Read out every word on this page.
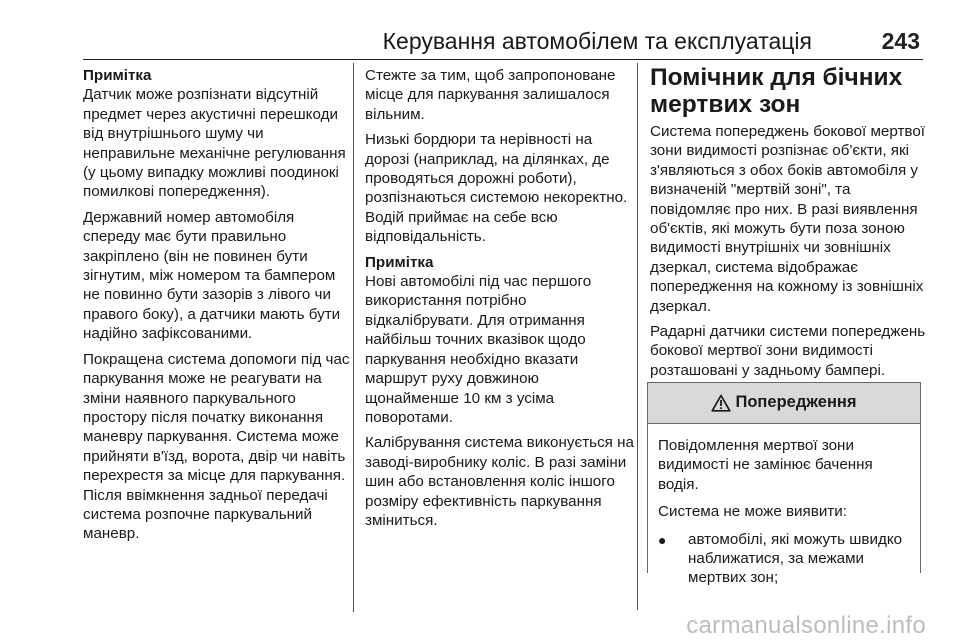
Керування автомобілем та експлуатація	243

Примітка
Датчик може розпізнати відсутній предмет через акустичні перешкоди від внутрішнього шуму чи неправильне механічне регулювання (у цьому випадку можливі поодинокі помилкові попередження).

Державний номер автомобіля спереду має бути правильно закріплено (він не повинен бути зігнутим, між номером та бампером не повинно бути зазорів з лівого чи правого боку), а датчики мають бути надійно зафіксованими.

Покращена система допомоги під час паркування може не реагувати на зміни наявного паркувального простору після початку виконання маневру паркування. Система може прийняти в'їзд, ворота, двір чи навіть перехрестя за місце для паркування. Після ввімкнення задньої передачі система розпочне паркувальний маневр.

Стежте за тим, щоб запропоноване місце для паркування залишалося вільним.

Низькі бордюри та нерівності на дорозі (наприклад, на ділянках, де проводяться дорожні роботи), розпізнаються системою некоректно. Водій приймає на себе всю відповідальність.

Примітка
Нові автомобілі під час першого використання потрібно відкалібрувати. Для отримання найбільш точних вказівок щодо паркування необхідно вказати маршрут руху довжиною щонайменше 10 км з усіма поворотами.

Калібрування система виконується на заводі-виробнику коліс. В разі заміни шин або встановлення коліс іншого розміру ефективність паркування зміниться.

Помічник для бічних мертвих зон

Система попереджень бокової мертвої зони видимості розпізнає об'єкти, які з'являються з обох боків автомобіля у визначеній "мертвій зоні", та повідомляє про них. В разі виявлення об'єктів, які можуть бути поза зоною видимості внутрішніх чи зовнішніх дзеркал, система відображає попередження на кожному із зовнішніх дзеркал.

Радарні датчики системи попереджень бокової мертвої зони видимості розташовані у задньому бампері.

Попередження

Повідомлення мертвої зони видимості не замінює бачення водія.

Система не може виявити:

●	автомобілі, які можуть швидко наближатися, за межами мертвих зон;
carmanualsonline.info
